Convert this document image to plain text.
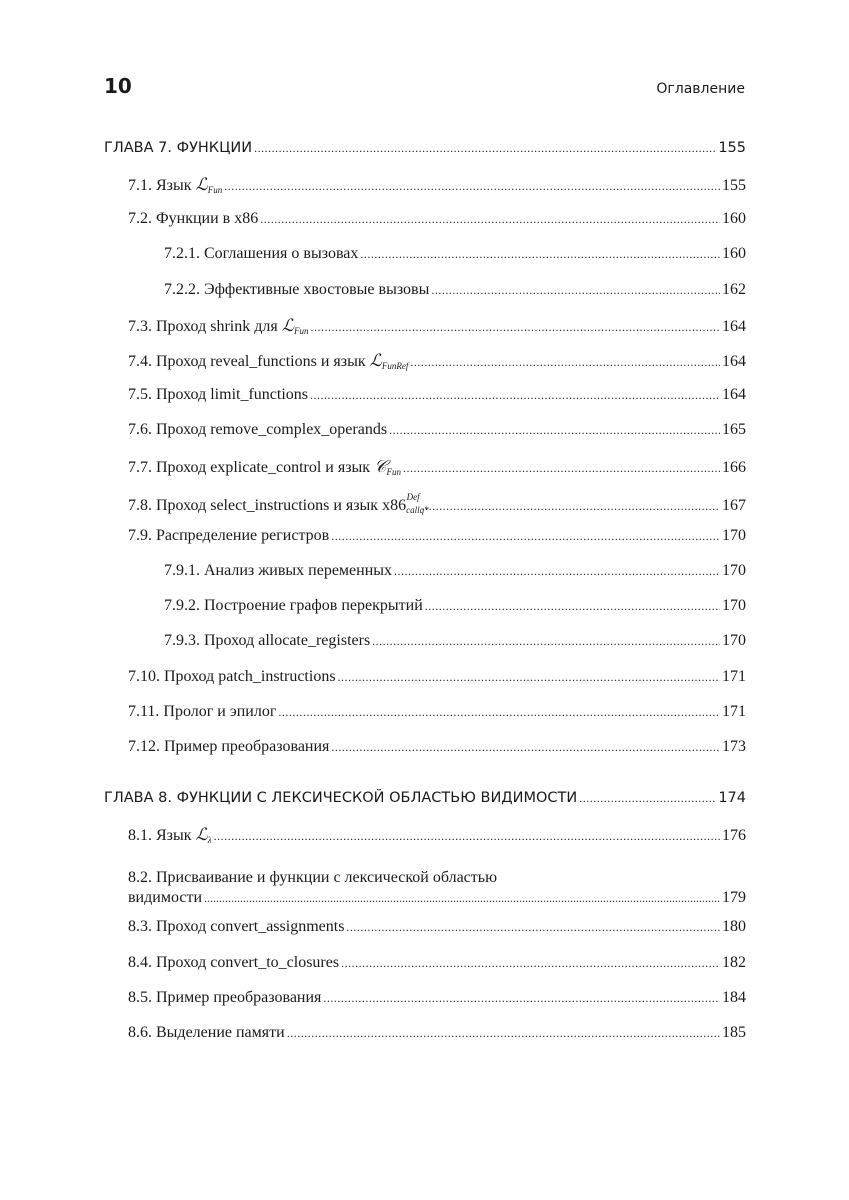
10	Оглавление
ГЛАВА 7. ФУНКЦИИ .....	155
7.1. Язык ℒ$_{Fun}$ .....	155
7.2. Функции в x86 .....	160
7.2.1. Соглашения о вызовах .....	160
7.2.2. Эффективные хвостовые вызовы .....	162
7.3. Проход shrink для ℒ$_{Fun}$ .....	164
7.4. Проход reveal_functions и язык ℒ$_{FunRef}$ .....	164
7.5. Проход limit_functions .....	164
7.6. Проход remove_complex_operands .....	165
7.7. Проход explicate_control и язык 𝒞$_{Fun}$ .....	166
7.8. Проход select_instructions и язык $x86_{callq*}^{Def}$ .....	167
7.9. Распределение регистров .....	170
7.9.1. Анализ живых переменных .....	170
7.9.2. Построение графов перекрытий .....	170
7.9.3. Проход allocate_registers .....	170
7.10. Проход patch_instructions .....	171
7.11. Пролог и эпилог .....	171
7.12. Пример преобразования .....	173
ГЛАВА 8. ФУНКЦИИ С ЛЕКСИЧЕСКОЙ ОБЛАСТЬЮ ВИДИМОСТИ .....	174
8.1. Язык ℒ$_\lambda$ .....	176
8.2. Присваивание и функции с лексической областью
видимости .....	179
8.3. Проход convert_assignments .....	180
8.4. Проход convert_to_closures .....	182
8.5. Пример преобразования .....	184
8.6. Выделение памяти .....	185
